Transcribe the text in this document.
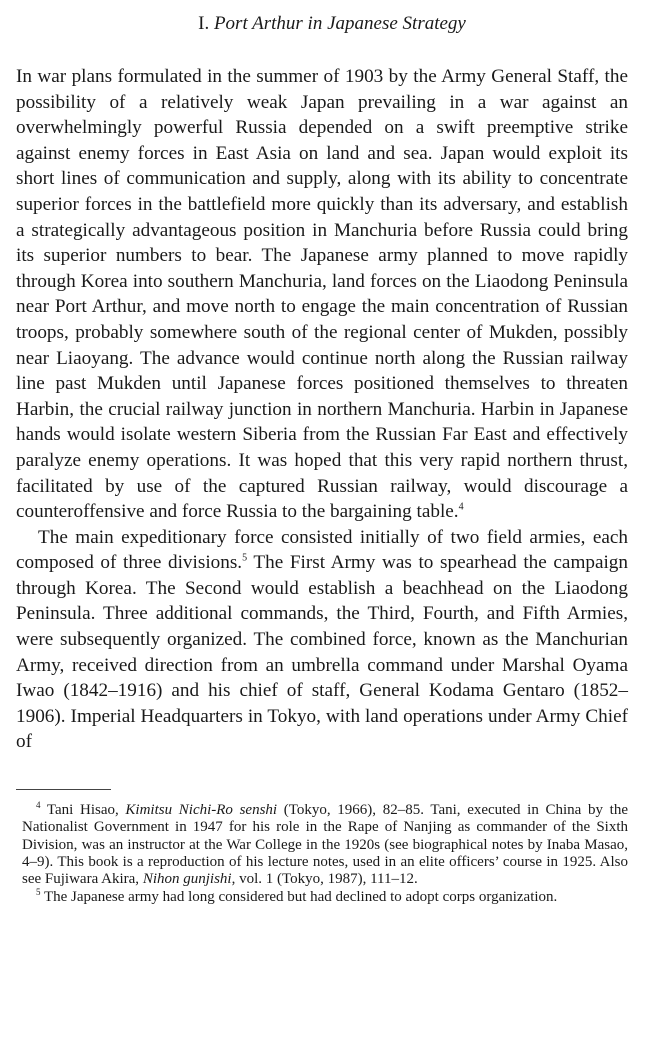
I. Port Arthur in Japanese Strategy

In war plans formulated in the summer of 1903 by the Army General Staff, the possibility of a relatively weak Japan prevailing in a war against an overwhelmingly powerful Russia depended on a swift preemptive strike against enemy forces in East Asia on land and sea. Japan would exploit its short lines of communication and supply, along with its ability to concentrate superior forces in the battlefield more quickly than its adversary, and establish a strategically advantageous position in Manchuria before Russia could bring its superior numbers to bear. The Japanese army planned to move rapidly through Korea into southern Manchuria, land forces on the Liaodong Peninsula near Port Arthur, and move north to engage the main concentration of Russian troops, probably somewhere south of the regional center of Mukden, possibly near Liaoyang. The advance would continue north along the Russian railway line past Mukden until Japanese forces positioned themselves to threaten Harbin, the crucial railway junction in northern Manchuria. Harbin in Japanese hands would isolate western Siberia from the Russian Far East and effectively paralyze enemy operations. It was hoped that this very rapid northern thrust, facilitated by use of the captured Russian railway, would discourage a counteroffensive and force Russia to the bargaining table.$^4$

The main expeditionary force consisted initially of two field armies, each composed of three divisions.$^5$ The First Army was to spearhead the campaign through Korea. The Second would establish a beachhead on the Liaodong Peninsula. Three additional commands, the Third, Fourth, and Fifth Armies, were subsequently organized. The combined force, known as the Manchurian Army, received direction from an umbrella command under Marshal Oyama Iwao (1842–1916) and his chief of staff, General Kodama Gentaro (1852–1906). Imperial Headquarters in Tokyo, with land operations under Army Chief of

$^4$ Tani Hisao, Kimitsu Nichi-Ro senshi (Tokyo, 1966), 82–85. Tani, executed in China by the Nationalist Government in 1947 for his role in the Rape of Nanjing as commander of the Sixth Division, was an instructor at the War College in the 1920s (see biographical notes by Inaba Masao, 4–9). This book is a reproduction of his lecture notes, used in an elite officers’ course in 1925. Also see Fujiwara Akira, Nihon gunjishi, vol. 1 (Tokyo, 1987), 111–12.

$^5$ The Japanese army had long considered but had declined to adopt corps organization.
